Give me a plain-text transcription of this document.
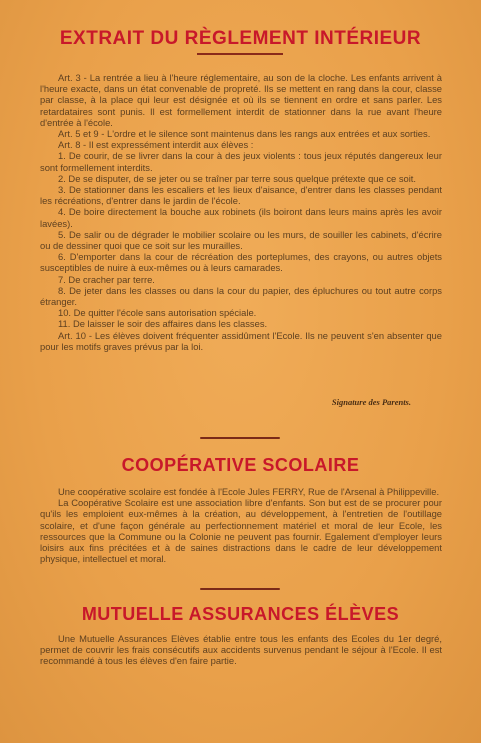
EXTRAIT DU RÈGLEMENT INTÉRIEUR

Art. 3 - La rentrée a lieu à l'heure réglementaire, au son de la cloche. Les enfants arrivent à l'heure exacte, dans un état convenable de propreté. Ils se mettent en rang dans la cour, classe par classe, à la place qui leur est désignée et où ils se tiennent en ordre et sans parler. Les retardataires sont punis. Il est formellement interdit de stationner dans la rue avant l'heure d'entrée à l'école.

Art. 5 et 9 - L'ordre et le silence sont maintenus dans les rangs aux entrées et aux sorties.

Art. 8 - Il est expressément interdit aux élèves :

1. De courir, de se livrer dans la cour à des jeux violents : tous jeux réputés dangereux leur sont formellement interdits.

2. De se disputer, de se jeter ou se traîner par terre sous quelque prétexte que ce soit.

3. De stationner dans les escaliers et les lieux d'aisance, d'entrer dans les classes pendant les récréations, d'entrer dans le jardin de l'école.

4. De boire directement la bouche aux robinets (ils boiront dans leurs mains après les avoir lavées).

5. De salir ou de dégrader le mobilier scolaire ou les murs, de souiller les cabinets, d'écrire ou de dessiner quoi que ce soit sur les murailles.

6. D'emporter dans la cour de récréation des porteplumes, des crayons, ou autres objets susceptibles de nuire à eux-mêmes ou à leurs camarades.

7. De cracher par terre.

8. De jeter dans les classes ou dans la cour du papier, des épluchures ou tout autre corps étranger.

10. De quitter l'école sans autorisation spéciale.

11. De laisser le soir des affaires dans les classes.

Art. 10 - Les élèves doivent fréquenter assidûment l'Ecole. Ils ne peuvent s'en absenter que pour les motifs graves prévus par la loi.

Signature des Parents.
COOPÉRATIVE SCOLAIRE

Une coopérative scolaire est fondée à l'Ecole Jules FERRY, Rue de l'Arsenal à Philippeville.

La Coopérative Scolaire est une association libre d'enfants. Son but est de se procurer pour qu'ils les emploient eux-mêmes à la création, au développement, à l'entretien de l'outillage scolaire, et d'une façon générale au perfectionnement matériel et moral de leur Ecole, les ressources que la Commune ou la Colonie ne peuvent pas fournir. Egalement d'employer leurs loisirs aux fins précitées et à de saines distractions dans le cadre de leur développement physique, intellectuel et moral.

MUTUELLE ASSURANCES ÉLÈVES

Une Mutuelle Assurances Elèves établie entre tous les enfants des Ecoles du 1er degré, permet de couvrir les frais consécutifs aux accidents survenus pendant le séjour à l'Ecole. Il est recommandé à tous les élèves d'en faire partie.
